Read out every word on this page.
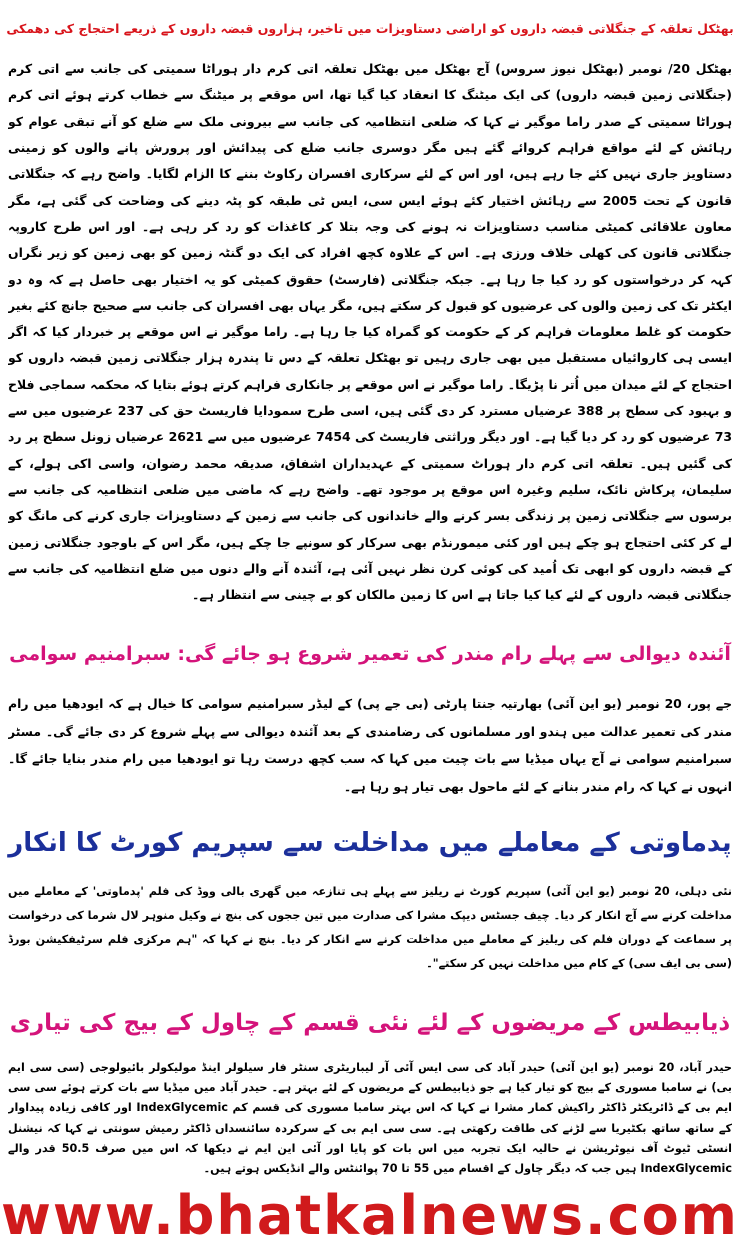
بھٹکل تعلقہ کے جنگلاتی قبضہ داروں کو اراضی دستاویزات میں تاخیر، ہزاروں قبضہ داروں کے ذریعے احتجاج کی دھمکی
بھٹکل 20/ نومبر (بھٹکل نیوز سروس) آج بھٹکل میں بھٹکل تعلقہ اتی کرم دار ہوراٹا سمیتی کی جانب سے اتی کرم (جنگلاتی زمین قبضہ داروں) کی ایک میٹنگ کا انعقاد کیا گیا تھا، اس موقعے پر میٹنگ سے خطاب کرتے ہوئے اتی کرم ہوراٹا سمیتی کے صدر راما موگیر نے کہا کہ ضلعی انتظامیہ کی جانب سے بیرونی ملک سے ضلع کو آنے تبقی عوام کو رہائش کے لئے مواقع فراہم کروائے گئے ہیں مگر دوسری جانب ضلع کی پیدائش اور پرورش پانے والوں کو زمینی دستاویز جاری نہیں کئے جا رہے ہیں، اور اس کے لئے سرکاری افسران رکاوٹ بننے کا الزام لگایا۔ واضح رہے کہ جنگلاتی قانون کے تحت 2005 سے رہائش اختیار کئے ہوئے ایس سی، ایس ٹی طبقہ کو پٹہ دینے کی وضاحت کی گئی ہے، مگر معاون علاقائی کمیٹی مناسب دستاویزات نہ ہونے کی وجہ بتلا کر کاغذات کو رد کر رہی ہے۔ اور اس طرح کاروپہ جنگلاتی قانون کی کھلی خلاف ورزی ہے۔ اس کے علاوہ کچھ افراد کی ایک دو گنٹہ زمین کو بھی زمین کو زیر نگراں کہہ کر درخواستوں کو رد کیا جا رہا ہے۔ جبکہ جنگلاتی (فارسٹ) حقوق کمیٹی کو یہ اختیار بھی حاصل ہے کہ وہ دو ایکٹر تک کی زمین والوں کی عرضیوں کو قبول کر سکتے ہیں، مگر یہاں بھی افسران کی جانب سے صحیح جانچ کئے بغیر حکومت کو غلط معلومات فراہم کر کے حکومت کو گمراہ کیا جا رہا ہے۔ راما موگیر نے اس موقعے پر خبردار کیا کہ اگر ایسی ہی کاروائیاں مستقبل میں بھی جاری رہیں تو بھٹکل تعلقہ کے دس تا پندرہ ہزار جنگلاتی زمین قبضہ داروں کو احتجاج کے لئے میدان میں اُتر نا پڑیگا۔ راما موگیر نے اس موقعے پر جانکاری فراہم کرتے ہوئے بتایا کہ محکمہ سماجی فلاح و بہبود کی سطح پر 388 عرضیاں مسترد کر دی گئی ہیں، اسی طرح سمودایا فاریسٹ حق کی 237 عرضیوں میں سے 73 عرضیوں کو رد کر دیا گیا ہے۔ اور دیگر وراثتی فاریسٹ کی 7454 عرضیوں میں سے 2621 عرضیاں زونل سطح پر رد کی گئیں ہیں۔ تعلقہ اتی کرم دار ہوراٹ سمیتی کے عہدیداران اشفاق، صدیقہ محمد رضوان، واسی اکی ہولے، کے سلیمان، پرکاش نائک، سلیم وغیرہ اس موقع پر موجود تھے۔ واضح رہے کہ ماضی میں ضلعی انتظامیہ کی جانب سے برسوں سے جنگلاتی زمین پر زندگی بسر کرنے والے خاندانوں کی جانب سے زمین کے دستاویزات جاری کرنے کی مانگ کو لے کر کئی احتجاج ہو چکے ہیں اور کئی میمورنڈم بھی سرکار کو سونپے جا چکے ہیں، مگر اس کے باوجود جنگلاتی زمین کے قبضہ داروں کو ابھی تک اُمید کی کوئی کرن نظر نہیں آئی ہے، آئندہ آنے والے دنوں میں ضلع انتظامیہ کی جانب سے جنگلاتی قبضہ داروں کے لئے کیا کیا جاتا ہے اس کا زمین مالکان کو بے چینی سے انتظار ہے۔
آئندہ دیوالی سے پہلے رام مندر کی تعمیر شروع ہو جائے گی: سبرامنیم سوامی
جے پور، 20 نومبر (یو این آئی) بھارتیہ جنتا پارٹی (بی جے پی) کے لیڈر سبرامنیم سوامی کا خیال ہے کہ ایودھیا میں رام مندر کی تعمیر عدالت میں ہندو اور مسلمانوں کی رضامندی کے بعد آئندہ دیوالی سے پہلے شروع کر دی جائے گی۔ مسٹر سبرامنیم سوامی نے آج یہاں میڈیا سے بات چیت میں کہا کہ سب کچھ درست رہا تو ایودھیا میں رام مندر بنایا جائے گا۔ انہوں نے کہا کہ رام مندر بنانے کے لئے ماحول بھی تیار ہو رہا ہے۔
پدماوتی کے معاملے میں مداخلت سے سپریم کورٹ کا انکار
نئی دہلی، 20 نومبر (یو این آئی) سپریم کورٹ نے ریلیز سے پہلے ہی تنازعہ میں گھری بالی ووڈ کی فلم 'پدماوتی' کے معاملے میں مداخلت کرنے سے آج انکار کر دیا۔ چیف جسٹس دیپک مشرا کی صدارت میں تین ججوں کی بنچ نے وکیل منوہر لال شرما کی درخواست پر سماعت کے دوران فلم کی ریلیز کے معاملے میں مداخلت کرنے سے انکار کر دیا۔ بنچ نے کہا کہ "ہم مرکزی فلم سرٹیفکیشن بورڈ (سی بی ایف سی) کے کام میں مداخلت نہیں کر سکتے"۔
ذیابیطس کے مریضوں کے لئے نئی قسم کے چاول کے بیج کی تیاری
حیدر آباد، 20 نومبر (یو این آئی) حیدر آباد کی سی ایس آئی آر لیباریٹری سنٹر فار سیلولر اینڈ مولیکولر بائیولوجی (سی سی ایم بی) نے سامبا مسوری کے بیج کو تیار کیا ہے جو ذیابیطس کے مریضوں کے لئے بہتر ہے۔ حیدر آباد میں میڈیا سے بات کرتے ہوئے سی سی ایم بی کے ڈائریکٹر ڈاکٹر راکیش کمار مشرا نے کہا کہ اس بہتر سامبا مسوری کی قسم کم IndexGlycemic اور کافی زیادہ پیداوار کے ساتھ ساتھ بکٹیریا سے لڑنے کی طاقت رکھتی ہے۔ سی سی ایم بی کے سرکردہ سائنسداں ڈاکٹر رمیش سونتی نے کہا کہ نیشنل انسٹی ٹیوٹ آف نیوٹریشن نے حالیہ ایک تجربہ میں اس بات کو پایا اور آئی این ایم نے دیکھا کہ اس میں صرف 50.5 قدر والے IndexGlycemic ہیں جب کہ دیگر چاول کے اقسام میں 55 تا 70 پوائنٹس والے انڈیکس ہوتے ہیں۔
www.bhatkalnews.com
